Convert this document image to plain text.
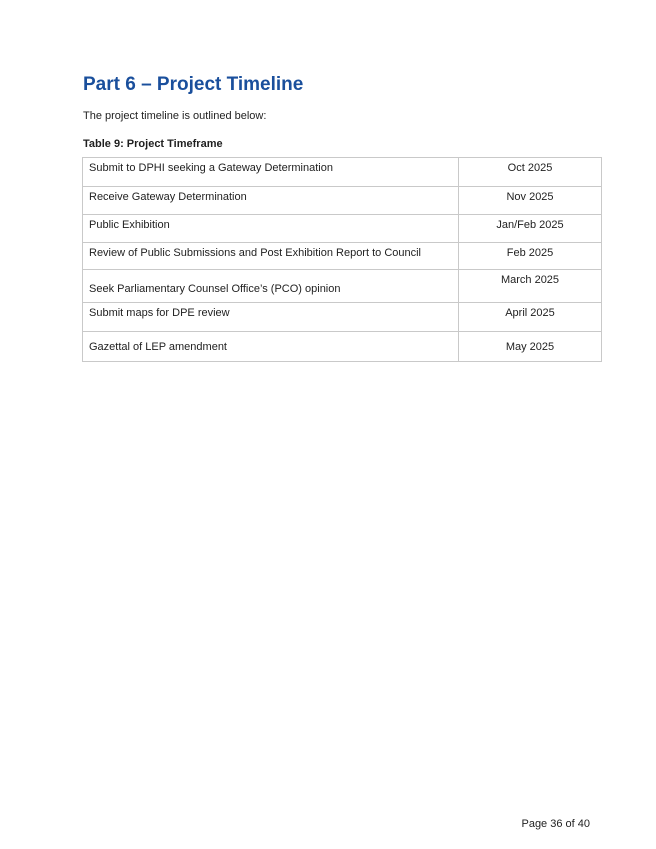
Part 6 – Project Timeline

The project timeline is outlined below:

Table 9: Project Timeframe

Submit to DPHI seeking a Gateway Determination	Oct 2025
Receive Gateway Determination	Nov 2025
Public Exhibition	Jan/Feb 2025
Review of Public Submissions and Post Exhibition Report to Council	Feb 2025
Seek Parliamentary Counsel Office’s (PCO) opinion	March 2025
Submit maps for DPE review	April 2025
Gazettal of LEP amendment	May 2025
Page 36 of 40
